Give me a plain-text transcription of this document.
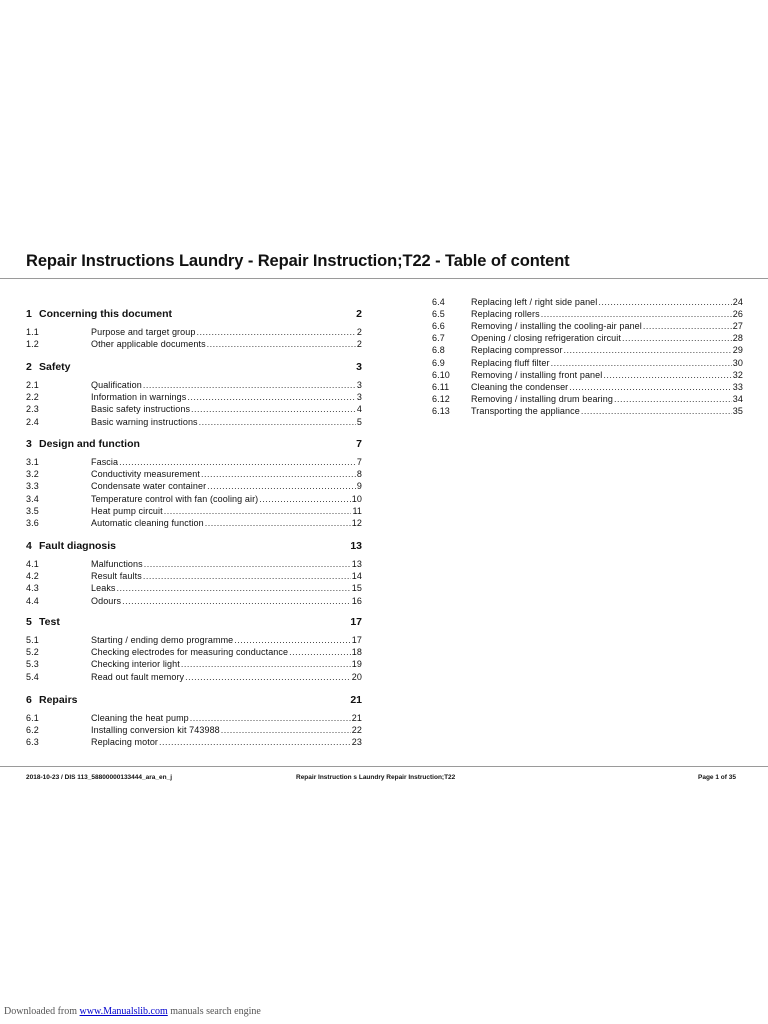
Repair Instructions Laundry - Repair Instruction;T22 - Table of content
1 Concerning this document	2
1.1	Purpose and target group .....	2
1.2	Other applicable documents .....	2
2 Safety	3
2.1	Qualification .....	3
2.2	Information in warnings .....	3
2.3	Basic safety instructions .....	4
2.4	Basic warning instructions .....	5
3 Design and function	7
3.1	Fascia .....	7
3.2	Conductivity measurement .....	8
3.3	Condensate water container .....	9
3.4	Temperature control with fan (cooling air) .....	10
3.5	Heat pump circuit .....	11
3.6	Automatic cleaning function .....	12
4 Fault diagnosis	13
4.1	Malfunctions .....	13
4.2	Result faults .....	14
4.3	Leaks .....	15
4.4	Odours .....	16
5 Test	17
5.1	Starting / ending demo programme .....	17
5.2	Checking electrodes for measuring conductance .....	18
5.3	Checking interior light .....	19
5.4	Read out fault memory .....	20
6 Repairs	21
6.1	Cleaning the heat pump .....	21
6.2	Installing conversion kit 743988 .....	22
6.3	Replacing motor .....	23
6.4	Replacing left / right side panel .....	24
6.5	Replacing rollers .....	26
6.6	Removing / installing the cooling-air panel .....	27
6.7	Opening / closing refrigeration circuit .....	28
6.8	Replacing compressor .....	29
6.9	Replacing fluff filter .....	30
6.10	Removing / installing front panel .....	32
6.11	Cleaning the condenser .....	33
6.12	Removing / installing drum bearing .....	34
6.13	Transporting the appliance .....	35
2018-10-23 / DIS 113_58800000133444_ara_en_j	Repair Instruction s Laundry Repair Instruction;T22	Page 1 of 35
Downloaded from www.Manualslib.com manuals search engine
